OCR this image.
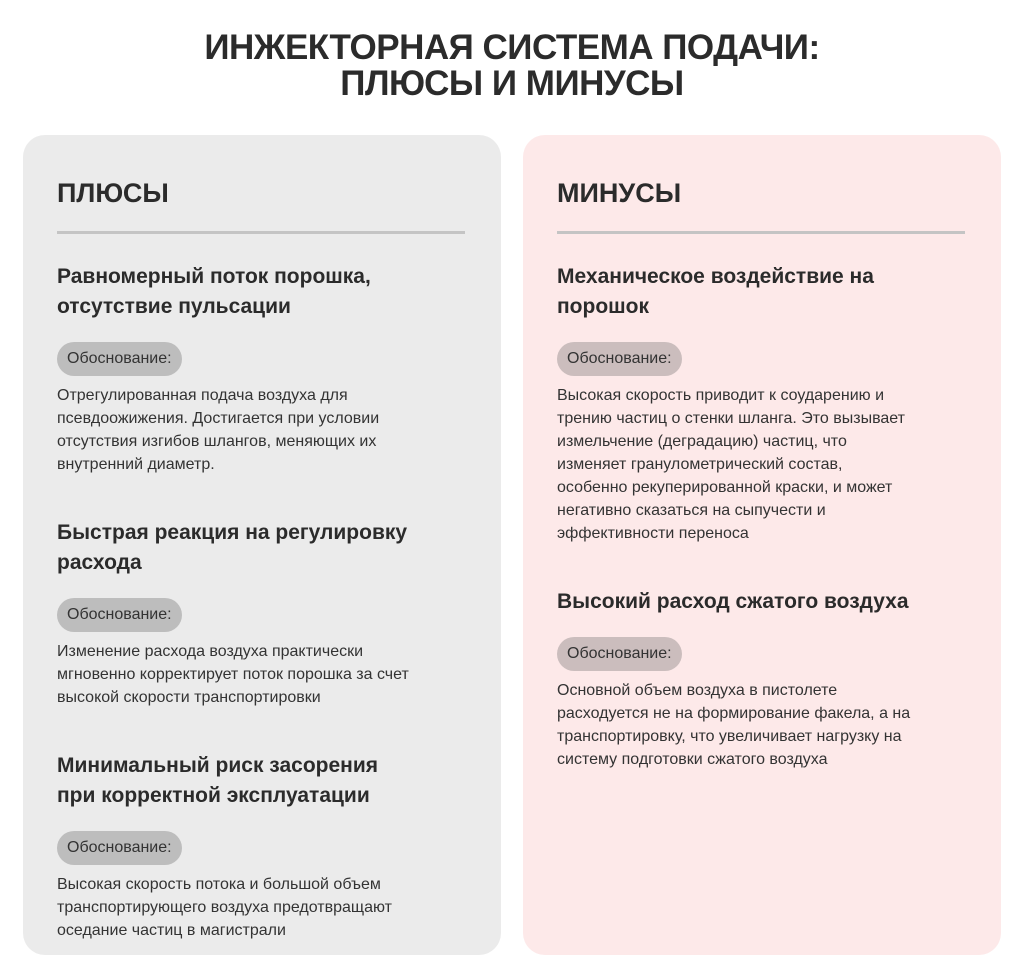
ИНЖЕКТОРНАЯ СИСТЕМА ПОДАЧИ:
ПЛЮСЫ И МИНУСЫ
ПЛЮСЫ
Равномерный поток порошка, отсутствие пульсации
Обоснование:
Отрегулированная подача воздуха для псевдоожижения. Достигается при условии отсутствия изгибов шлангов, меняющих их внутренний диаметр.
Быстрая реакция на регулировку расхода
Обоснование:
Изменение расхода воздуха практически мгновенно корректирует поток порошка за счет высокой скорости транспортировки
Минимальный риск засорения при корректной эксплуатации
Обоснование:
Высокая скорость потока и большой объем транспортирующего воздуха предотвращают оседание частиц в магистрали
МИНУСЫ
Механическое воздействие на порошок
Обоснование:
Высокая скорость приводит к соударению и трению частиц о стенки шланга. Это вызывает измельчение (деградацию) частиц, что изменяет гранулометрический состав, особенно рекуперированной краски, и может негативно сказаться на сыпучести и эффективности переноса
Высокий расход сжатого воздуха
Обоснование:
Основной объем воздуха в пистолете расходуется не на формирование факела, а на транспортировку, что увеличивает нагрузку на систему подготовки сжатого воздуха
